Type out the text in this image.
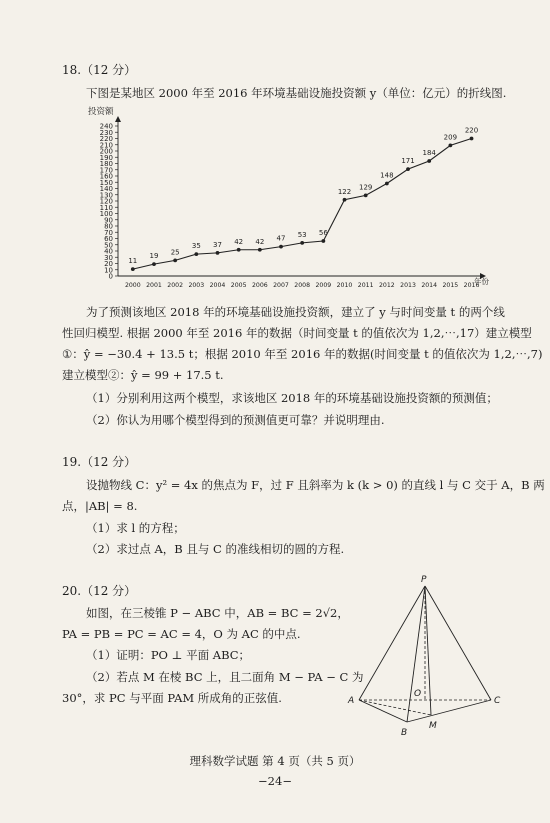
18.（12 分）
下图是某地区 2000 年至 2016 年环境基础设施投资额 y（单位：亿元）的折线图.
投资额
0
10
20
30
40
50
60
70
80
90
100
110
120
130
140
150
160
170
180
190
200
210
220
230
240
2000 2001 2002 2003 2004 2005 2006 2007 2008 2009 2010 2011 2012 2013 2014 2015 2016
11
19 25
35 37 42 42 47 53 56
122
129
148
171
184
209
220
年份
为了预测该地区 2018 年的环境基础设施投资额，建立了 y 与时间变量 t 的两个线
性回归模型. 根据 2000 年至 2016 年的数据（时间变量 t 的值依次为 1,2,⋯,17）建立模型
①：ŷ = −30.4 + 13.5 t；根据 2010 年至 2016 年的数据(时间变量 t 的值依次为 1,2,⋯,7)
建立模型②：ŷ = 99 + 17.5 t.
（1）分别利用这两个模型，求该地区 2018 年的环境基础设施投资额的预测值；
（2）你认为用哪个模型得到的预测值更可靠？并说明理由.
19.（12 分）
设抛物线 C：y² = 4x 的焦点为 F，过 F 且斜率为 k (k > 0) 的直线 l 与 C 交于 A，B 两
点，|AB| = 8.
（1）求 l 的方程；
（2）求过点 A，B 且与 C 的准线相切的圆的方程.
20.（12 分）
如图，在三棱锥 P − ABC 中，AB = BC = 2√2，
PA = PB = PC = AC = 4，O 为 AC 的中点.
（1）证明：PO ⊥ 平面 ABC；
（2）若点 M 在棱 BC 上，且二面角 M − PA − C 为
30°，求 PC 与平面 PAM 所成角的正弦值.
P
A
B
C
O
M
理科数学试题 第 4 页（共 5 页）
−24−
